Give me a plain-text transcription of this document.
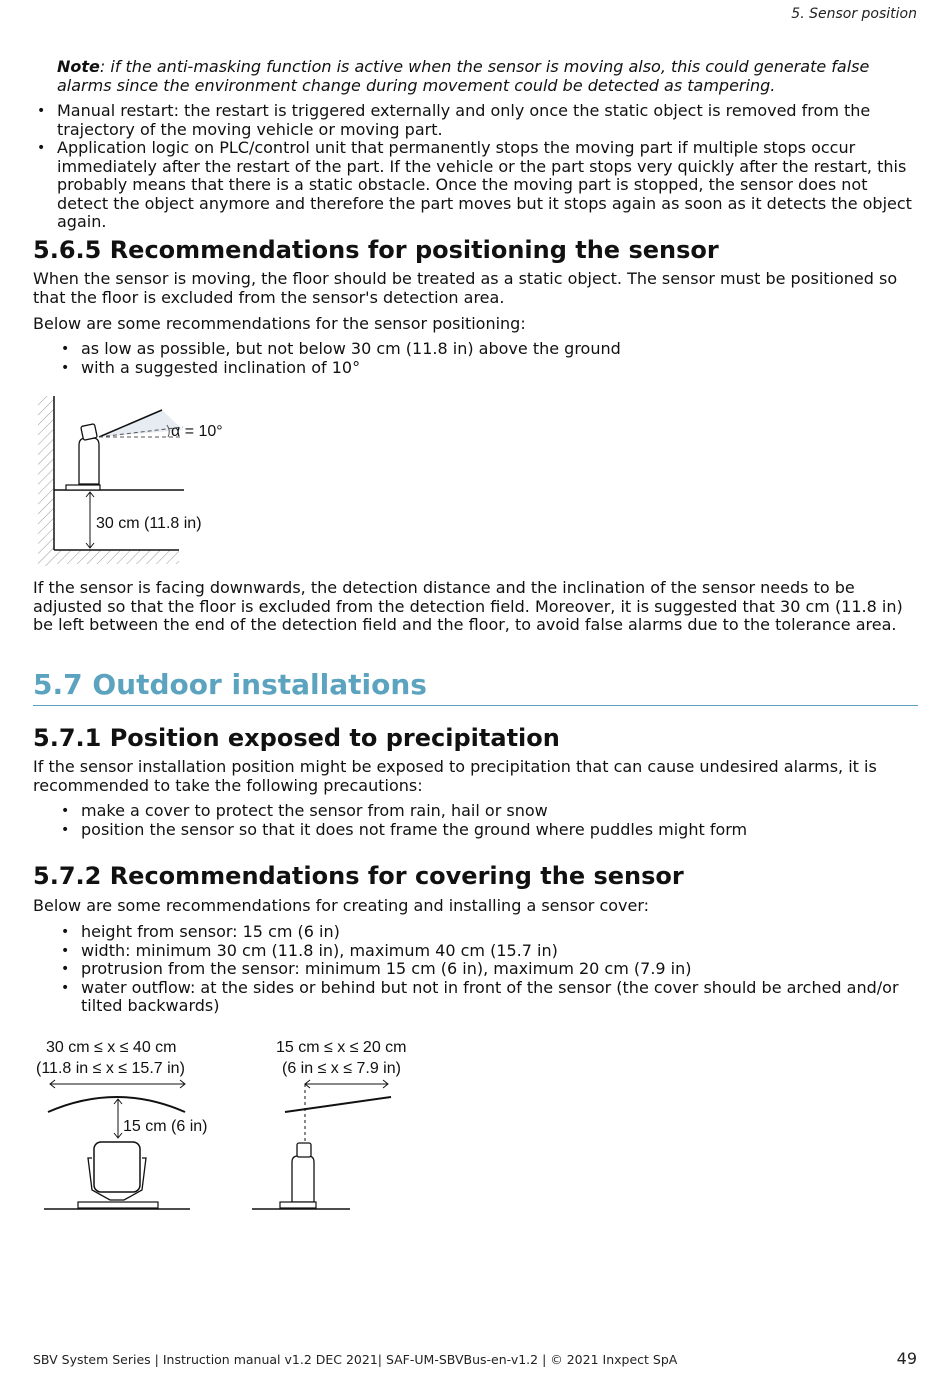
5. Sensor position
Note: if the anti-masking function is active when the sensor is moving also, this could generate false alarms since the environment change during movement could be detected as tampering.
• Manual restart: the restart is triggered externally and only once the static object is removed from the trajectory of the moving vehicle or moving part.
• Application logic on PLC/control unit that permanently stops the moving part if multiple stops occur immediately after the restart of the part. If the vehicle or the part stops very quickly after the restart, this probably means that there is a static obstacle. Once the moving part is stopped, the sensor does not detect the object anymore and therefore the part moves but it stops again as soon as it detects the object again.
5.6.5 Recommendations for positioning the sensor
When the sensor is moving, the floor should be treated as a static object. The sensor must be positioned so that the floor is excluded from the sensor's detection area.
Below are some recommendations for the sensor positioning:
• as low as possible, but not below 30 cm (11.8 in) above the ground
• with a suggested inclination of 10°
α = 10°
30 cm (11.8 in)
If the sensor is facing downwards, the detection distance and the inclination of the sensor needs to be adjusted so that the floor is excluded from the detection field. Moreover, it is suggested that 30 cm (11.8 in) be left between the end of the detection field and the floor, to avoid false alarms due to the tolerance area.
5.7 Outdoor installations
5.7.1 Position exposed to precipitation
If the sensor installation position might be exposed to precipitation that can cause undesired alarms, it is recommended to take the following precautions:
• make a cover to protect the sensor from rain, hail or snow
• position the sensor so that it does not frame the ground where puddles might form
5.7.2 Recommendations for covering the sensor
Below are some recommendations for creating and installing a sensor cover:
• height from sensor: 15 cm (6 in)
• width: minimum 30 cm (11.8 in), maximum 40 cm (15.7 in)
• protrusion from the sensor: minimum 15 cm (6 in), maximum 20 cm (7.9 in)
• water outflow: at the sides or behind but not in front of the sensor (the cover should be arched and/or tilted backwards)
30 cm ≤ x ≤ 40 cm
(11.8 in ≤ x ≤ 15.7 in)
15 cm (6 in)
15 cm ≤ x ≤ 20 cm
(6 in ≤ x ≤ 7.9 in)
SBV System Series | Instruction manual v1.2 DEC 2021| SAF-UM-SBVBus-en-v1.2 | © 2021 Inxpect SpA	49
